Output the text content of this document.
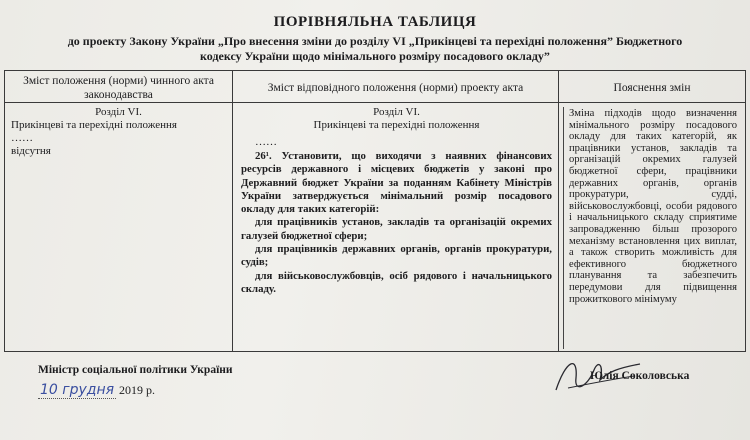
ПОРІВНЯЛЬНА ТАБЛИЦЯ
до проекту Закону України „Про внесення зміни до розділу VI „Прикінцеві та перехідні положення” Бюджетного
кодексу України щодо мінімального розміру посадового окладу”
Зміст положення (норми) чинного акта законодавства
Розділ VI.
Прикінцеві та перехідні положення
……
відсутня
Зміст відповідного положення (норми) проекту акта
Розділ VI.
Прикінцеві та перехідні положення
……

26¹. Установити, що виходячи з наявних фінансових ресурсів державного і місцевих бюджетів у законі про Державний бюджет України за поданням Кабінету Міністрів України затверджується мінімальний розмір посадового окладу для таких категорій:

для працівників установ, закладів та організацій окремих галузей бюджетної сфери;

для працівників державних органів, органів прокуратури, судів;

для військовослужбовців, осіб рядового і начальницького складу.

Пояснення змін
Зміна підходів щодо визначення мінімального розміру посадового окладу для таких категорій, як працівники установ, закладів та організацій окремих галузей бюджетної сфери, працівники державних органів, органів прокуратури, судді, військовослужбовці, особи рядового і начальницького складу сприятиме запровадженню більш прозорого механізму встановлення цих виплат, а також створить можливість для ефективного бюджетного планування та забезпечить передумови для підвищення прожиткового мінімуму
Міністр соціальної політики України
10 грудня 2019 р.
Юлія Соколовська
